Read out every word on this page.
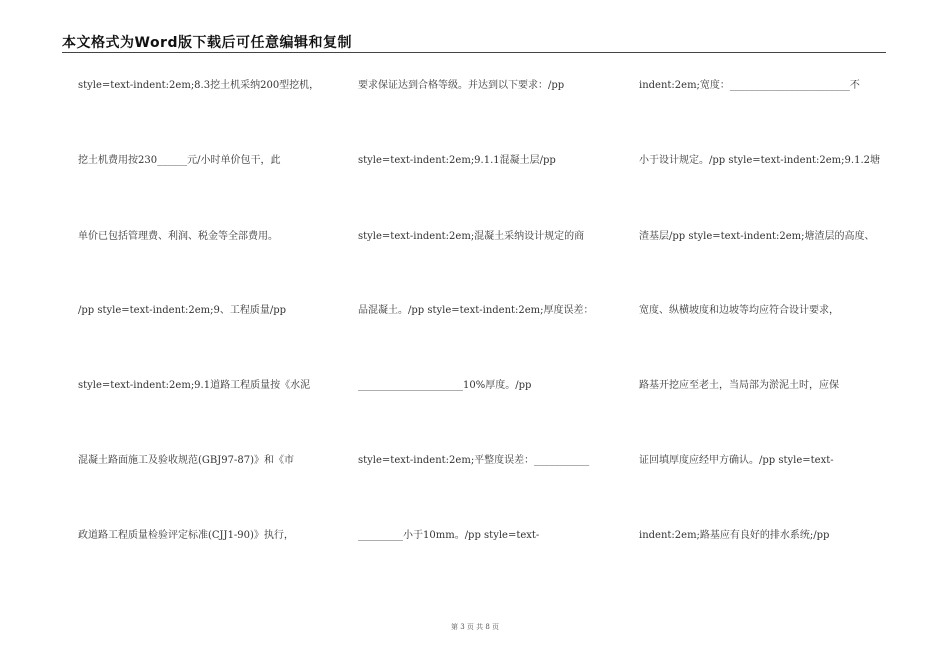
本文格式为Word版下载后可任意编辑和复制
style=text-indent:2em;8.3挖土机采纳200型挖机，
挖土机费用按230______元/小时单价包干，此
单价已包括管理费、利润、税金等全部费用。
/pp style=text-indent:2em;9、工程质量/pp
style=text-indent:2em;9.1道路工程质量按《水泥
混凝土路面施工及验收规范(GBJ97-87)》和《市
政道路工程质量检验评定标准(CJJ1-90)》执行，
要求保证达到合格等级。并达到以下要求：/pp
style=text-indent:2em;9.1.1混凝土层/pp
style=text-indent:2em;混凝土采纳设计规定的商
品混凝土。/pp style=text-indent:2em;厚度误差：
_____________________10%厚度。/pp
style=text-indent:2em;平整度误差：___________
_________小于10mm。/pp style=text-
indent:2em;宽度：________________________不
小于设计规定。/pp style=text-indent:2em;9.1.2塘
渣基层/pp style=text-indent:2em;塘渣层的高度、
宽度、纵横坡度和边坡等均应符合设计要求，
路基开挖应至老土，当局部为淤泥土时，应保
证回填厚度应经甲方确认。/pp style=text-
indent:2em;路基应有良好的排水系统;/pp
第 3 页 共 8 页
